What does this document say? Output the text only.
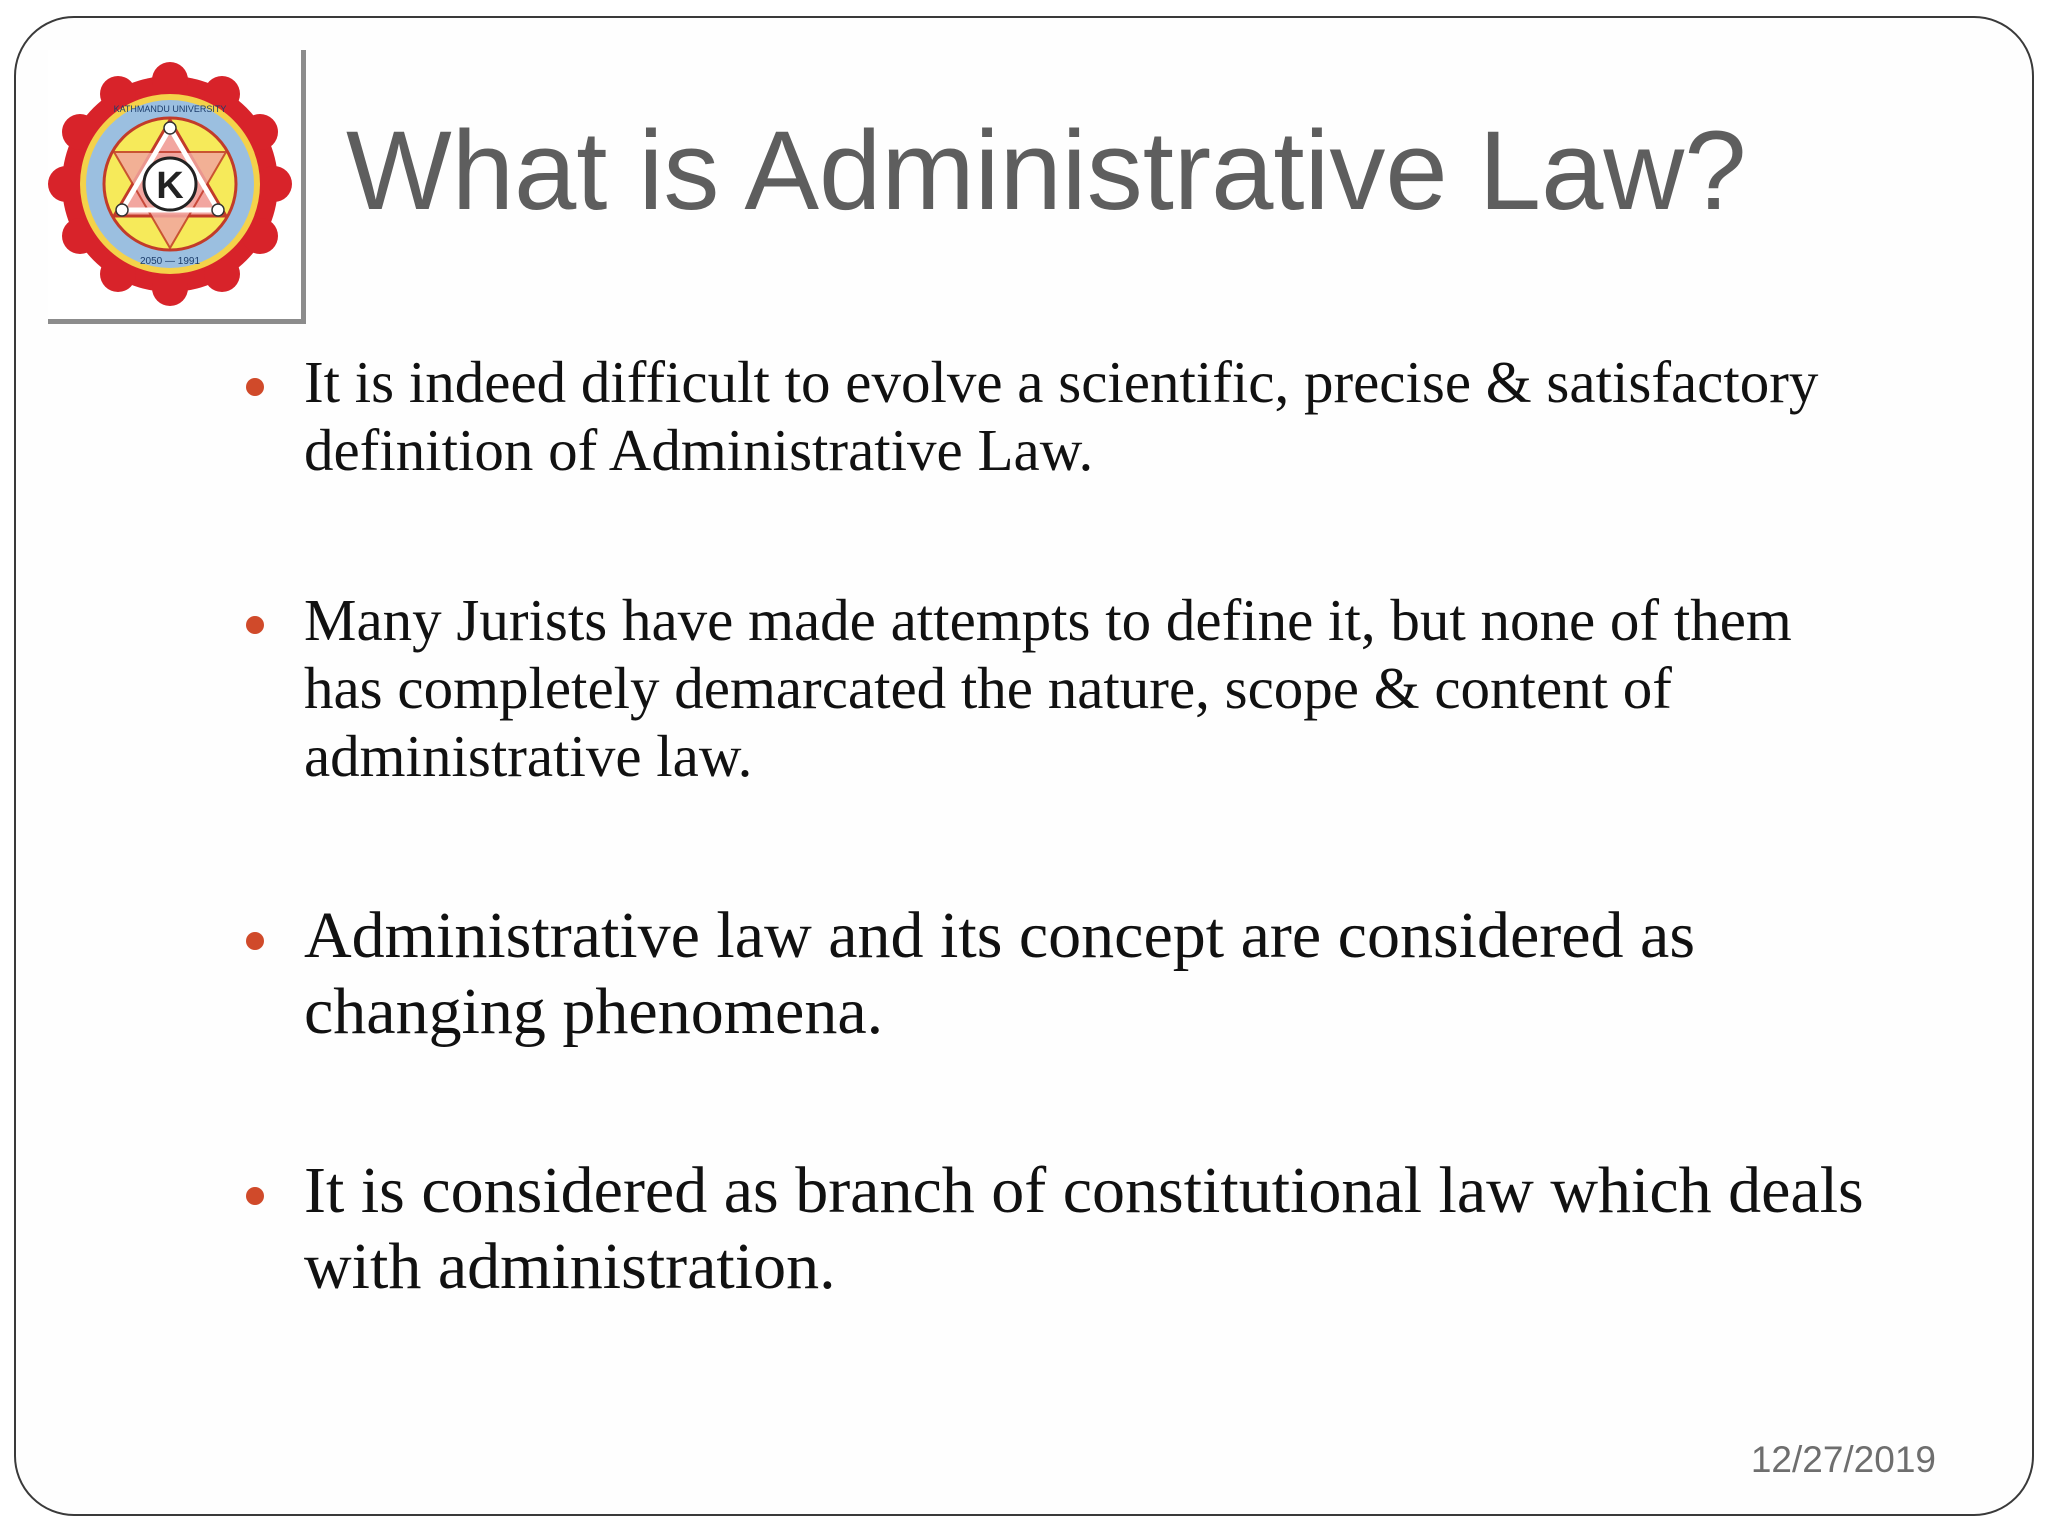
K
KATHMANDU UNIVERSITY
2050 — 1991
What is Administrative Law?
It is indeed difficult to evolve a scientific, precise & satisfactory
definition of Administrative Law.
Many Jurists have made attempts to define it, but none of them
has completely demarcated the nature, scope & content of
administrative law.
Administrative law and its concept are considered as
changing phenomena.
It is considered as branch of constitutional law which deals
with administration.
12/27/2019
